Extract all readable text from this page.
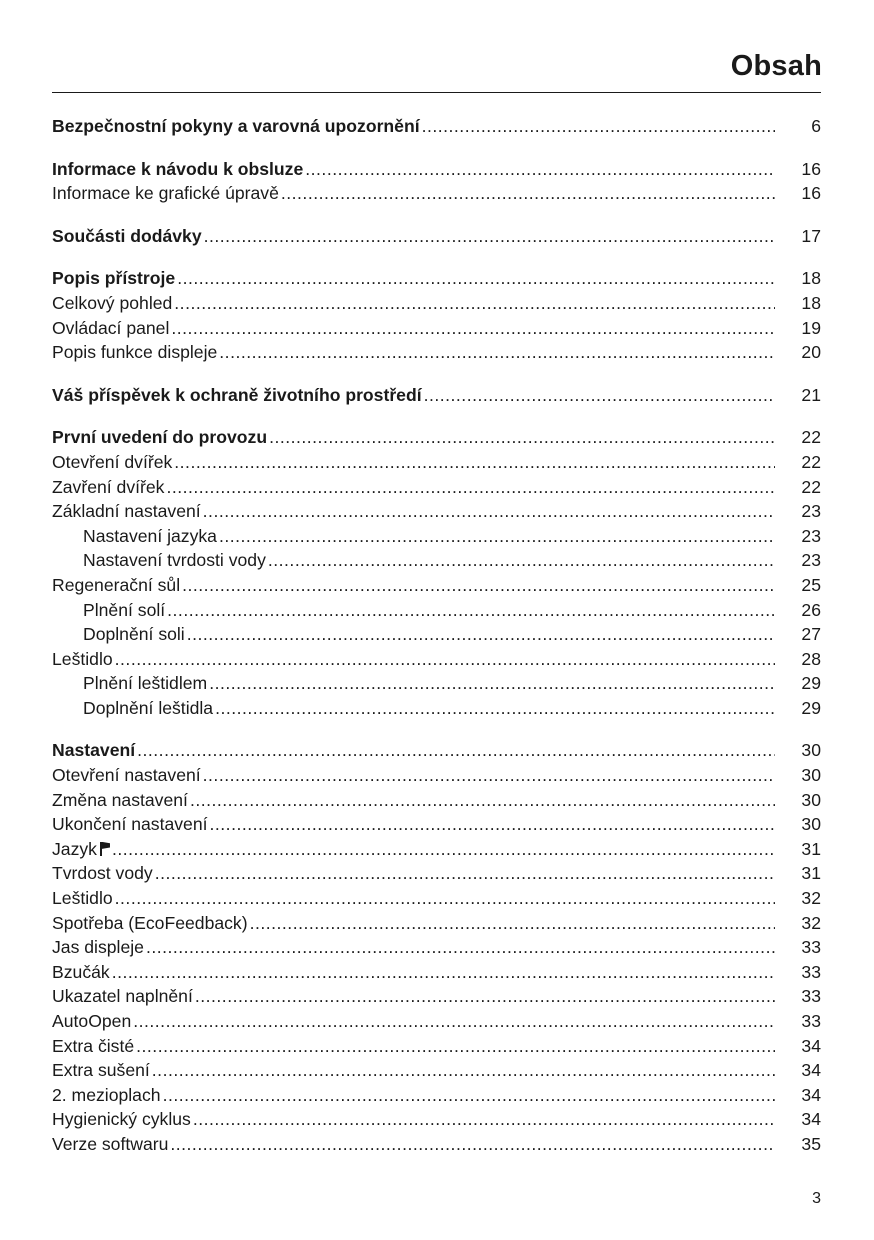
Obsah
Bezpečnostní pokyny a varovná upozornění .....	6
Informace k návodu k obsluze .....	16
Informace ke grafické úpravě .....	16
Součásti dodávky .....	17
Popis přístroje .....	18
Celkový pohled .....	18
Ovládací panel .....	19
Popis funkce displeje .....	20
Váš příspěvek k ochraně životního prostředí .....	21
První uvedení do provozu .....	22
Otevření dvířek .....	22
Zavření dvířek .....	22
Základní nastavení .....	23
Nastavení jazyka .....	23
Nastavení tvrdosti vody .....	23
Regenerační sůl .....	25
Plnění solí .....	26
Doplnění soli .....	27
Leštidlo .....	28
Plnění leštidlem .....	29
Doplnění leštidla .....	29
Nastavení .....	30
Otevření nastavení .....	30
Změna nastavení .....	30
Ukončení nastavení .....	30
Jazyk .....	31
Tvrdost vody .....	31
Leštidlo .....	32
Spotřeba (EcoFeedback) .....	32
Jas displeje .....	33
Bzučák .....	33
Ukazatel naplnění .....	33
AutoOpen .....	33
Extra čisté .....	34
Extra sušení .....	34
2. mezioplach .....	34
Hygienický cyklus .....	34
Verze softwaru .....	35
3
